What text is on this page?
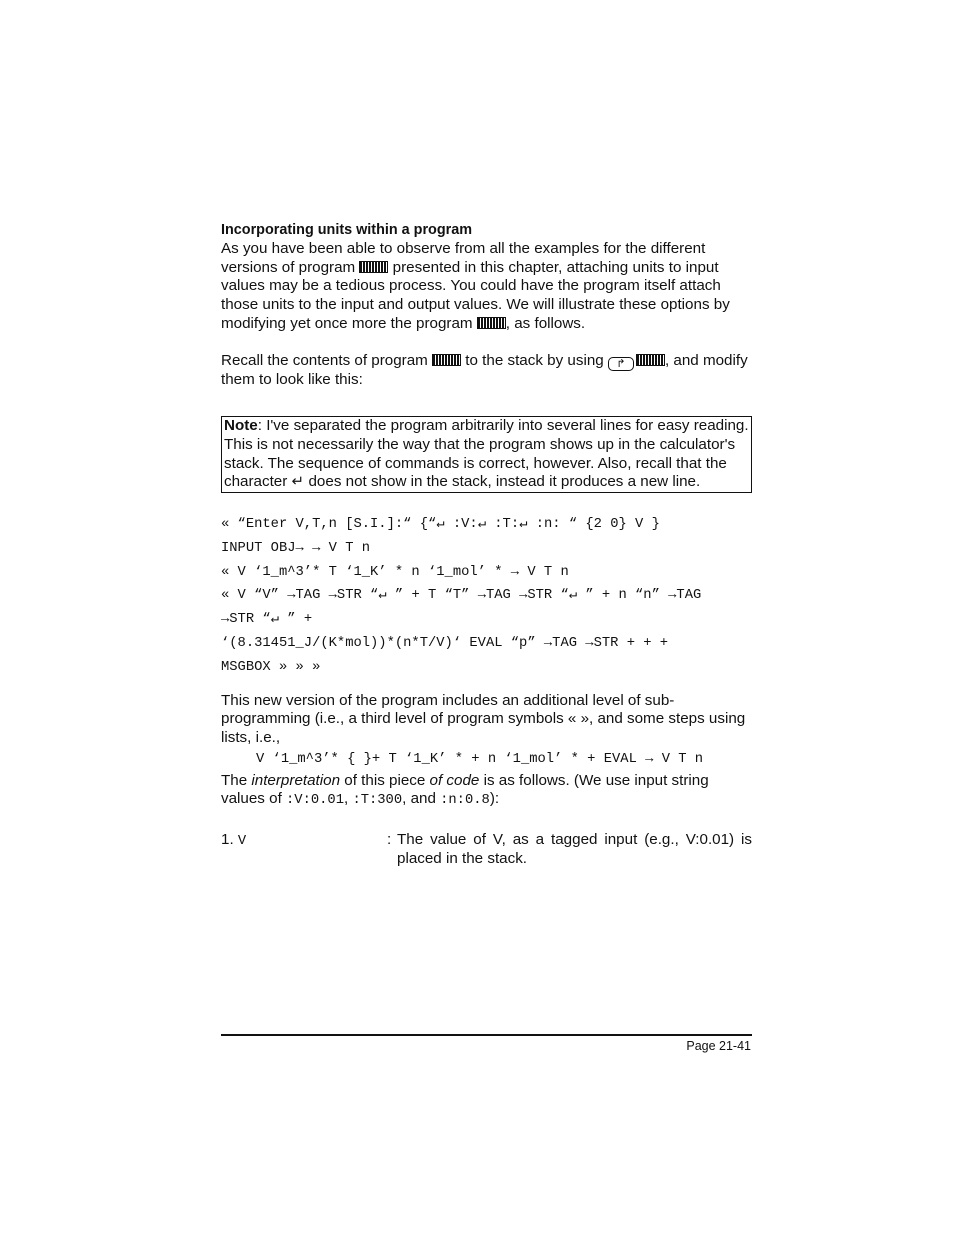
Incorporating units within a program

As you have been able to observe from all the examples for the different versions of program  presented in this chapter, attaching units to input values may be a tedious process. You could have the program itself attach those units to the input and output values. We will illustrate these options by modifying yet once more the program , as follows.

Recall the contents of program  to the stack by using ↱	, and modify them to look like this:

Note: I've separated the program arbitrarily into several lines for easy reading. This is not necessarily the way that the program shows up in the calculator's stack. The sequence of commands is correct, however. Also, recall that the character ↵ does not show in the stack, instead it produces a new line.
« “Enter V,T,n [S.I.]:“ {“↵ :V:↵ :T:↵ :n: “ {2 0} V }
INPUT OBJ→ → V T n
« V ‘1_m^3’* T ‘1_K’ * n ‘1_mol’ * → V T n
« V “V” →TAG →STR “↵ ” + T “T” →TAG →STR “↵ ” + n “n” →TAG
→STR “↵ ” +
‘(8.31451_J/(K*mol))*(n*T/V)‘ EVAL “p” →TAG →STR + + +
MSGBOX » » »

This new version of the program includes an additional level of sub-programming (i.e., a third level of program symbols « », and some steps using lists, i.e.,

V ‘1_m^3’* { }+ T ‘1_K’ * + n ‘1_mol’ * + EVAL → V T n

The interpretation of this piece of code is as follows. (We use input string values of :V:0.01, :T:300, and :n:0.8):

1. V	: The value of V, as a tagged input (e.g., V:0.01) is placed in the stack.
Page 21-41
